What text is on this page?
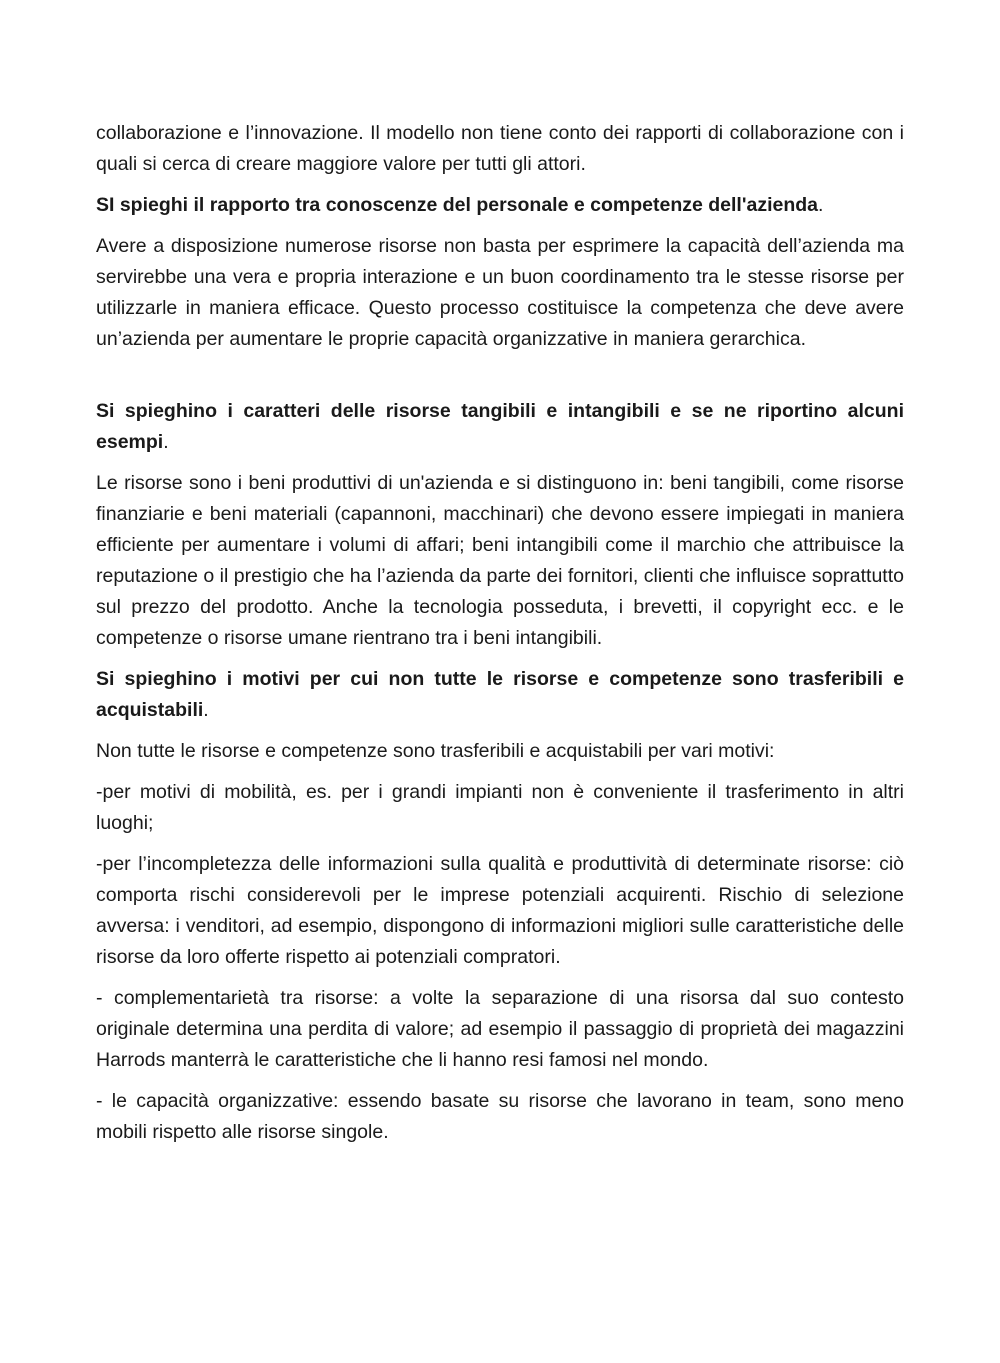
collaborazione e l’innovazione. Il modello non tiene conto dei rapporti di collaborazione con i quali si cerca di creare maggiore valore per tutti gli attori.

SI spieghi il rapporto tra conoscenze del personale e competenze dell'azienda.

Avere a disposizione numerose risorse non basta per esprimere la capacità dell’azienda ma servirebbe una vera e propria interazione e un buon coordinamento tra le stesse risorse per utilizzarle in maniera efficace. Questo processo costituisce la competenza che deve avere un’azienda per aumentare le proprie capacità organizzative in maniera gerarchica.

Si spieghino i caratteri delle risorse tangibili e intangibili e se ne riportino alcuni esempi.

Le risorse sono i beni produttivi di un'azienda e si distinguono in: beni tangibili, come risorse finanziarie e beni materiali (capannoni, macchinari) che devono essere impiegati in maniera efficiente per aumentare i volumi di affari; beni intangibili come il marchio che attribuisce la reputazione o il prestigio che ha l’azienda da parte dei fornitori, clienti che influisce soprattutto sul prezzo del prodotto. Anche la tecnologia posseduta, i brevetti, il copyright ecc. e le competenze o risorse umane rientrano tra i beni intangibili.

Si spieghino i motivi per cui non tutte le risorse e competenze sono trasferibili e acquistabili.

Non tutte le risorse e competenze sono trasferibili e acquistabili per vari motivi:

-per motivi di mobilità, es. per i grandi impianti non è conveniente il trasferimento in altri luoghi;

-per l’incompletezza delle informazioni sulla qualità e produttività di determinate risorse: ciò comporta rischi considerevoli per le imprese potenziali acquirenti. Rischio di selezione avversa: i venditori, ad esempio, dispongono di informazioni migliori sulle caratteristiche delle risorse da loro offerte rispetto ai potenziali compratori.

- complementarietà tra risorse: a volte la separazione di una risorsa dal suo contesto originale determina una perdita di valore; ad esempio il passaggio di proprietà dei magazzini Harrods manterrà le caratteristiche che li hanno resi famosi nel mondo.

- le capacità organizzative: essendo basate su risorse che lavorano in team, sono meno mobili rispetto alle risorse singole.
